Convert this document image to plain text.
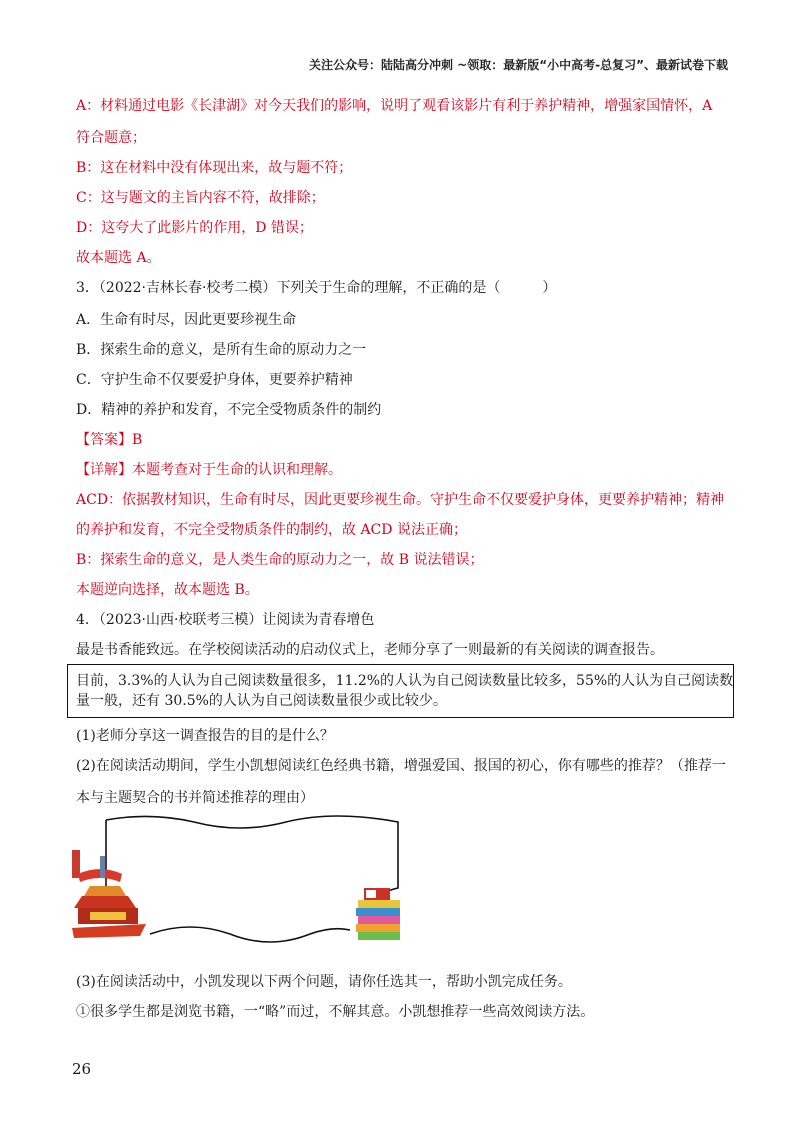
关注公众号：陆陆高分冲刺 ~领取：最新版“小中高考-总复习”、最新试卷下载
A：材料通过电影《长津湖》对今天我们的影响，说明了观看该影片有利于养护精神，增强家国情怀，A
符合题意；
B：这在材料中没有体现出来，故与题不符；
C：这与题文的主旨内容不符，故排除；
D：这夸大了此影片的作用，D 错误；
故本题选 A。
3．（2022·吉林长春·校考二模）下列关于生命的理解，不正确的是（　　　）
A．生命有时尽，因此更要珍视生命
B．探索生命的意义，是所有生命的原动力之一
C．守护生命不仅要爱护身体，更要养护精神
D．精神的养护和发育，不完全受物质条件的制约
【答案】B
【详解】本题考查对于生命的认识和理解。
ACD：依据教材知识，生命有时尽，因此更要珍视生命。守护生命不仅要爱护身体，更要养护精神；精神
的养护和发育，不完全受物质条件的制约，故 ACD 说法正确；
B：探索生命的意义，是人类生命的原动力之一，故 B 说法错误；
本题逆向选择，故本题选 B。
4．（2023·山西·校联考三模）让阅读为青春增色
最是书香能致远。在学校阅读活动的启动仪式上，老师分享了一则最新的有关阅读的调查报告。
目前，3.3%的人认为自己阅读数量很多，11.2%的人认为自己阅读数量比较多，55%的人认为自己阅读数
量一般，还有 30.5%的人认为自己阅读数量很少或比较少。
(1)老师分享这一调查报告的目的是什么？
(2)在阅读活动期间，学生小凯想阅读红色经典书籍，增强爱国、报国的初心，你有哪些的推荐？（推荐一
本与主题契合的书并简述推荐的理由）
(3)在阅读活动中，小凯发现以下两个问题，请你任选其一，帮助小凯完成任务。
①很多学生都是浏览书籍，一“略”而过，不解其意。小凯想推荐一些高效阅读方法。
26
